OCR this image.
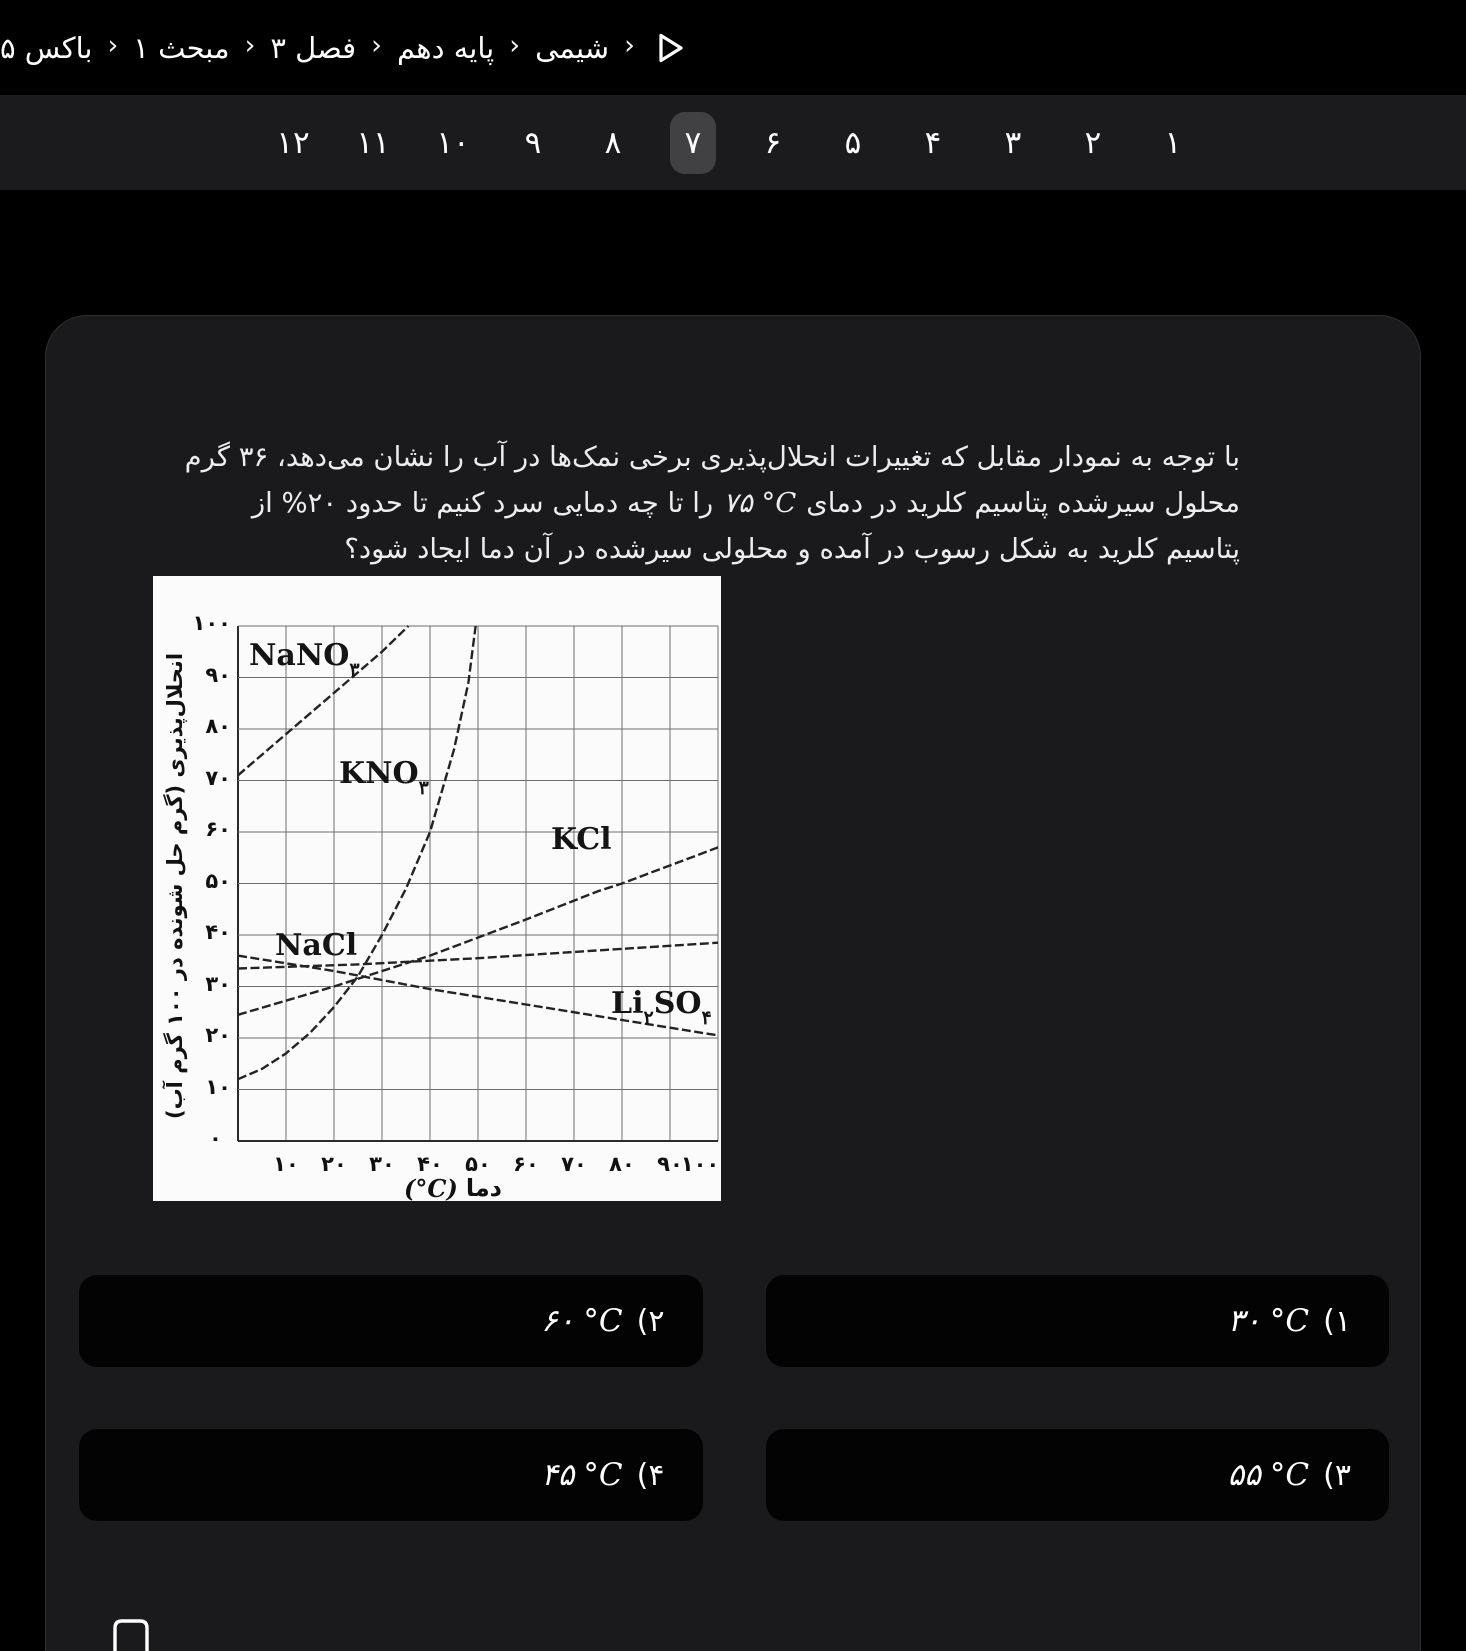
‹
شیمی
‹
پایه دهم
‹
فصل ۳
‹
مبحث ۱
‹
باکس ۵
۱
۲
۳
۴
۵
۶
۷
۸
۹
۱۰
۱۱
۱۲
با توجه به نمودار مقابل که تغییرات انحلال‌پذیری برخی نمک‌ها در آب را نشان می‌دهد، ۳۶ گرم
محلول سیرشده پتاسیم کلرید در دمای۷۵ °Cرا تا چه دمایی سرد کنیم تا حدود ۲۰% از
پتاسیم کلرید به شکل رسوب در آمده و محلولی سیرشده در آن دما ایجاد شود؟
انحلال‌پذیری (گرم حل شونده در ۱۰۰ گرم آب)
۱۰
۲۰
۳۰
۴۰
۵۰
۶۰
۷۰
۸۰
۹۰
۱۰۰
۰
۱۰	۲۰	۳۰	۴۰	۵۰	۶۰	۷۰	۸۰	۹۰
۱۰۰
دما
(°C)
NaNO$_۳$
$KNO_۳$
KCl
NaCl
$Li_۲SO_۴$
۱)
۳۰ °C
۲)
۶۰ °C
۳)
۵۵ °C
۴)
۴۵ °C
